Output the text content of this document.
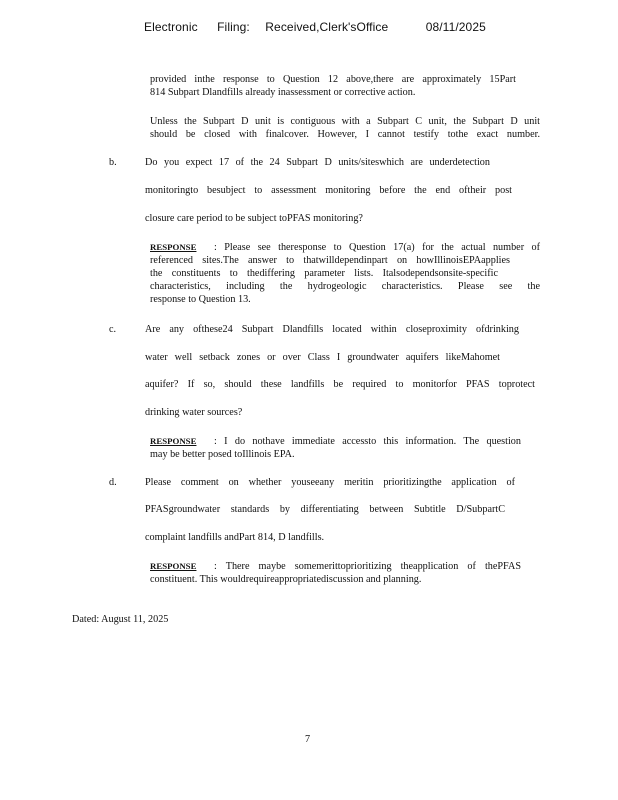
Electronic Filing: Received,Clerk'sOffice	08/11/2025
provided inthe response to Question 12 above,there are approximately 15Part
814 Subpart Dlandfills already inassessment or corrective action.
Unless the Subpart D unit is contiguous with a Subpart C unit, the Subpart D unit
should be closed with finalcover. However, I cannot testify tothe exact number.
b.	Do you expect 17 of the 24 Subpart D units/siteswhich are underdetection
monitoringto besubject to assessment monitoring before the end oftheir post
closure care period to be subject toPFAS monitoring?
RESPONSE : Please see theresponse to Question 17(a) for the actual number of
referenced sites.The answer to thatwilldependinpart on howIllinoisEPAapplies
the constituents to thediffering parameter lists. Italsodependsonsite-specific
characteristics, including the hydrogeologic characteristics. Please see the
response to Question 13.
c.	Are any ofthese24 Subpart Dlandfills located within closeproximity ofdrinking
water well setback zones or over Class I groundwater aquifers likeMahomet
aquifer? If so, should these landfills be required to monitorfor PFAS toprotect
drinking water sources?
RESPONSE : I do nothave immediate accessto this information. The question
may be better posed toIllinois EPA.
d.	Please comment on whether youseeany meritin prioritizingthe application of
PFASgroundwater standards by differentiating between Subtitle D/SubpartC
complaint landfills andPart 814, D landfills.
RESPONSE : There maybe somemerittoprioritizing theapplication of thePFAS
constituent. This wouldrequireappropriatediscussion and planning.
Dated: August 11, 2025
7
